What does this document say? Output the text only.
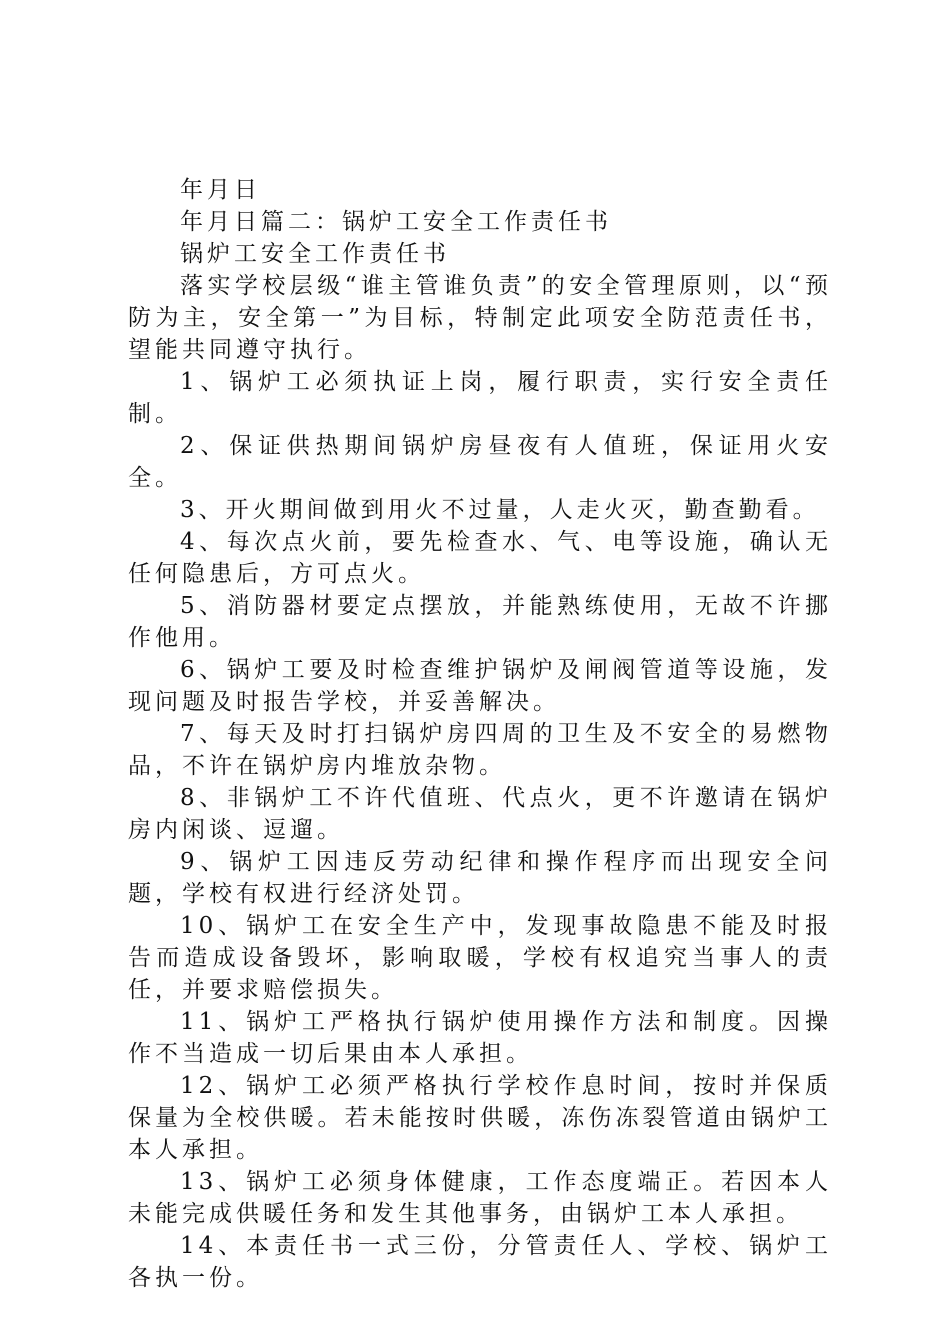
年月日

年月日篇二：锅炉工安全工作责任书

锅炉工安全工作责任书

落实学校层级“谁主管谁负责”的安全管理原则，以“预防为主，安全第一”为目标，特制定此项安全防范责任书，望能共同遵守执行。

1、锅炉工必须执证上岗，履行职责，实行安全责任制。

2、保证供热期间锅炉房昼夜有人值班，保证用火安全。

3、开火期间做到用火不过量，人走火灭，勤查勤看。

4、每次点火前，要先检查水、气、电等设施，确认无任何隐患后，方可点火。

5、消防器材要定点摆放，并能熟练使用，无故不许挪作他用。

6、锅炉工要及时检查维护锅炉及闸阀管道等设施，发现问题及时报告学校，并妥善解决。

7、每天及时打扫锅炉房四周的卫生及不安全的易燃物品，不许在锅炉房内堆放杂物。

8、非锅炉工不许代值班、代点火，更不许邀请在锅炉房内闲谈、逗遛。

9、锅炉工因违反劳动纪律和操作程序而出现安全问题，学校有权进行经济处罚。

10、锅炉工在安全生产中，发现事故隐患不能及时报告而造成设备毁坏，影响取暖，学校有权追究当事人的责任，并要求赔偿损失。

11、锅炉工严格执行锅炉使用操作方法和制度。因操作不当造成一切后果由本人承担。

12、锅炉工必须严格执行学校作息时间，按时并保质保量为全校供暖。若未能按时供暖，冻伤冻裂管道由锅炉工本人承担。

13、锅炉工必须身体健康，工作态度端正。若因本人未能完成供暖任务和发生其他事务，由锅炉工本人承担。

14、本责任书一式三份，分管责任人、学校、锅炉工各执一份。
